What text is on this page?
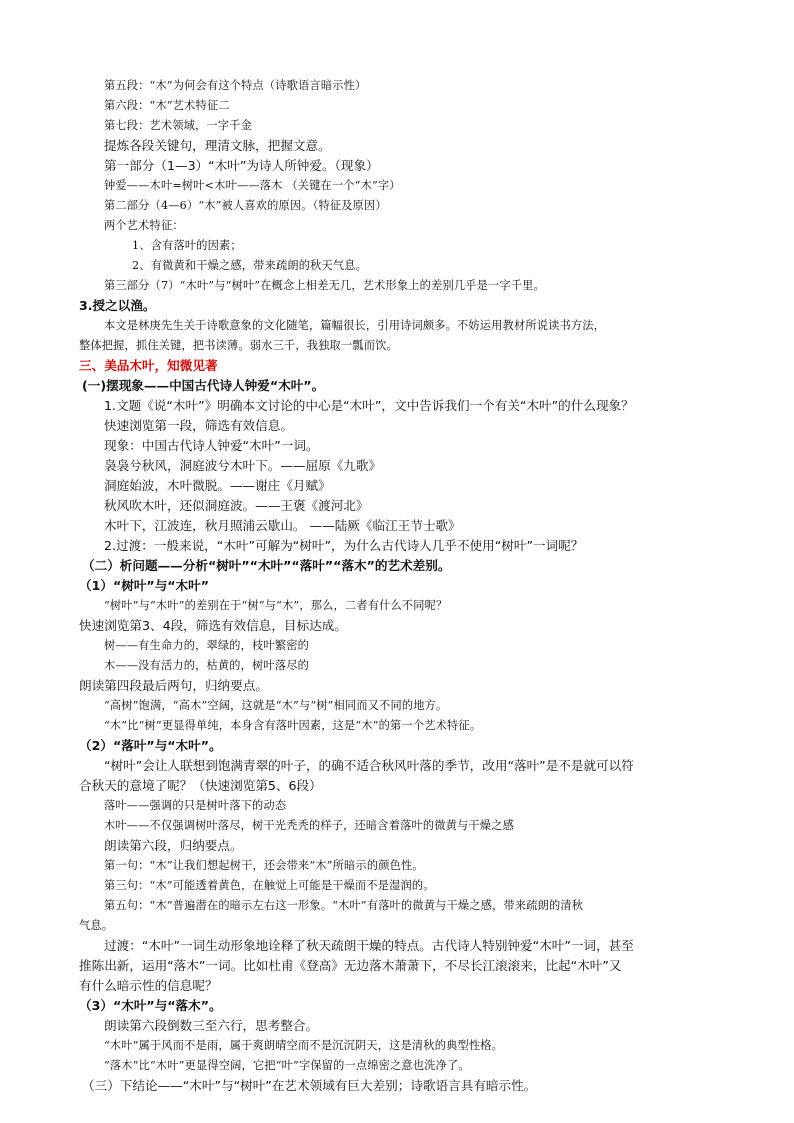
第五段：“木”为何会有这个特点（诗歌语言暗示性）
第六段：“木”艺术特征二
第七段：艺术领域，一字千金
提炼各段关键句，理清文脉，把握文意。
第一部分（1—3）“木叶”为诗人所钟爱。（现象）
钟爱——木叶=树叶<木叶——落木 （关键在一个“木”字）
第二部分（4—6）“木”被人喜欢的原因。（特征及原因）
两个艺术特征：
1、含有落叶的因素；
2、有微黄和干燥之感，带来疏朗的秋天气息。
第三部分（7）“木叶”与“树叶”在概念上相差无几，艺术形象上的差别几乎是一字千里。
3.授之以渔。
本文是林庚先生关于诗歌意象的文化随笔，篇幅很长，引用诗词颇多。不妨运用教材所说读书方法，
整体把握，抓住关键，把书读薄。弱水三千，我独取一瓢而饮。
三、美品木叶，知微见著
(一)摆现象——中国古代诗人钟爱“木叶”。
1.文题《说“木叶”》明确本文讨论的中心是“木叶”，文中告诉我们一个有关“木叶”的什么现象？
快速浏览第一段，筛选有效信息。
现象：中国古代诗人钟爱“木叶”一词。
袅袅兮秋风，洞庭波兮木叶下。——屈原《九歌》
洞庭始波，木叶微脱。——谢庄《月赋》
秋风吹木叶，还似洞庭波。——王褒《渡河北》
木叶下，江波连，秋月照浦云歇山。 ——陆厥《临江王节士歌》
2.过渡：一般来说，“木叶”可解为“树叶”，为什么古代诗人几乎不使用“树叶”一词呢？
（二）析问题——分析“树叶”“木叶”“落叶”“落木”的艺术差别。
（1）“树叶”与“木叶”
“树叶”与“木叶”的差别在于“树”与“木”，那么，二者有什么不同呢？
快速浏览第3、4段，筛选有效信息，目标达成。
树——有生命力的，翠绿的，枝叶繁密的
木——没有活力的，枯黄的，树叶落尽的
朗读第四段最后两句，归纳要点。
“高树”饱满，“高木”空阔，这就是“木”与“树”相同而又不同的地方。
“木”比“树”更显得单纯，本身含有落叶因素，这是“木”的第一个艺术特征。
（2）“落叶”与“木叶”。
“树叶”会让人联想到饱满青翠的叶子，的确不适合秋风叶落的季节，改用“落叶”是不是就可以符
合秋天的意境了呢？（快速浏览第5、6段）
落叶——强调的只是树叶落下的动态
木叶——不仅强调树叶落尽，树干光秃秃的样子，还暗含着落叶的微黄与干燥之感
朗读第六段，归纳要点。
第一句：“木”让我们想起树干，还会带来“木”所暗示的颜色性。
第三句：“木”可能透着黄色，在触觉上可能是干燥而不是湿润的。
第五句：“木”普遍潜在的暗示左右这一形象。“木叶”有落叶的微黄与干燥之感，带来疏朗的清秋
气息。
过渡：“木叶”一词生动形象地诠释了秋天疏朗干燥的特点。古代诗人特别钟爱“木叶”一词，甚至
推陈出新，运用“落木”一词。比如杜甫《登高》无边落木萧萧下，不尽长江滚滚来，比起“木叶”又
有什么暗示性的信息呢？
（3）“木叶”与“落木”。
朗读第六段倒数三至六行，思考整合。
“木叶”属于风而不是雨，属于爽朗晴空而不是沉沉阴天，这是清秋的典型性格。
“落木”比“木叶”更显得空阔，它把“叶”字保留的一点绵密之意也洗净了。
（三）下结论——“木叶”与“树叶”在艺术领域有巨大差别；诗歌语言具有暗示性。
